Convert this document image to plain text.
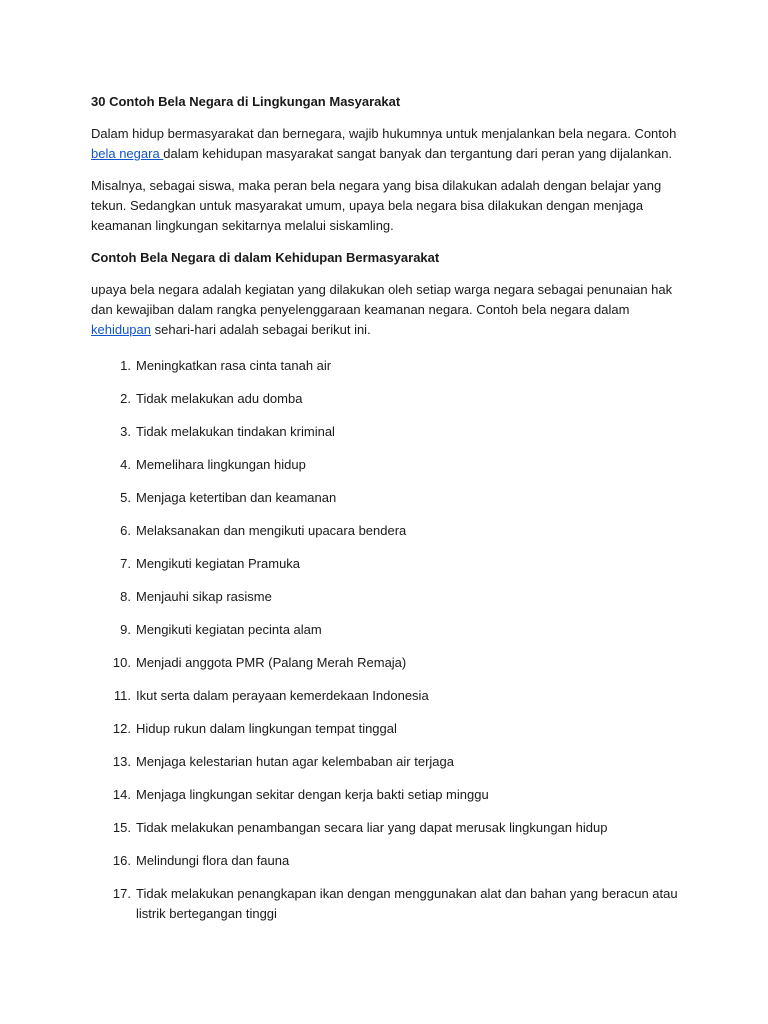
30 Contoh Bela Negara di Lingkungan Masyarakat

Dalam hidup bermasyarakat dan bernegara, wajib hukumnya untuk menjalankan bela negara. Contoh
bela negara dalam kehidupan masyarakat sangat banyak dan tergantung dari peran yang dijalankan.

Misalnya, sebagai siswa, maka peran bela negara yang bisa dilakukan adalah dengan belajar yang tekun. Sedangkan untuk masyarakat umum, upaya bela negara bisa dilakukan dengan menjaga keamanan lingkungan sekitarnya melalui siskamling.

Contoh Bela Negara di dalam Kehidupan Bermasyarakat

upaya bela negara adalah kegiatan yang dilakukan oleh setiap warga negara sebagai penunaian hak dan kewajiban dalam rangka penyelenggaraan keamanan negara. Contoh bela negara dalam kehidupan sehari-hari adalah sebagai berikut ini.

1. Meningkatkan rasa cinta tanah air
2. Tidak melakukan adu domba
3. Tidak melakukan tindakan kriminal
4. Memelihara lingkungan hidup
5. Menjaga ketertiban dan keamanan
6. Melaksanakan dan mengikuti upacara bendera
7. Mengikuti kegiatan Pramuka
8. Menjauhi sikap rasisme
9. Mengikuti kegiatan pecinta alam
10. Menjadi anggota PMR (Palang Merah Remaja)
11. Ikut serta dalam perayaan kemerdekaan Indonesia
12. Hidup rukun dalam lingkungan tempat tinggal
13. Menjaga kelestarian hutan agar kelembaban air terjaga
14. Menjaga lingkungan sekitar dengan kerja bakti setiap minggu
15. Tidak melakukan penambangan secara liar yang dapat merusak lingkungan hidup
16. Melindungi flora dan fauna
17. Tidak melakukan penangkapan ikan dengan menggunakan alat dan bahan yang beracun atau listrik bertegangan tinggi
